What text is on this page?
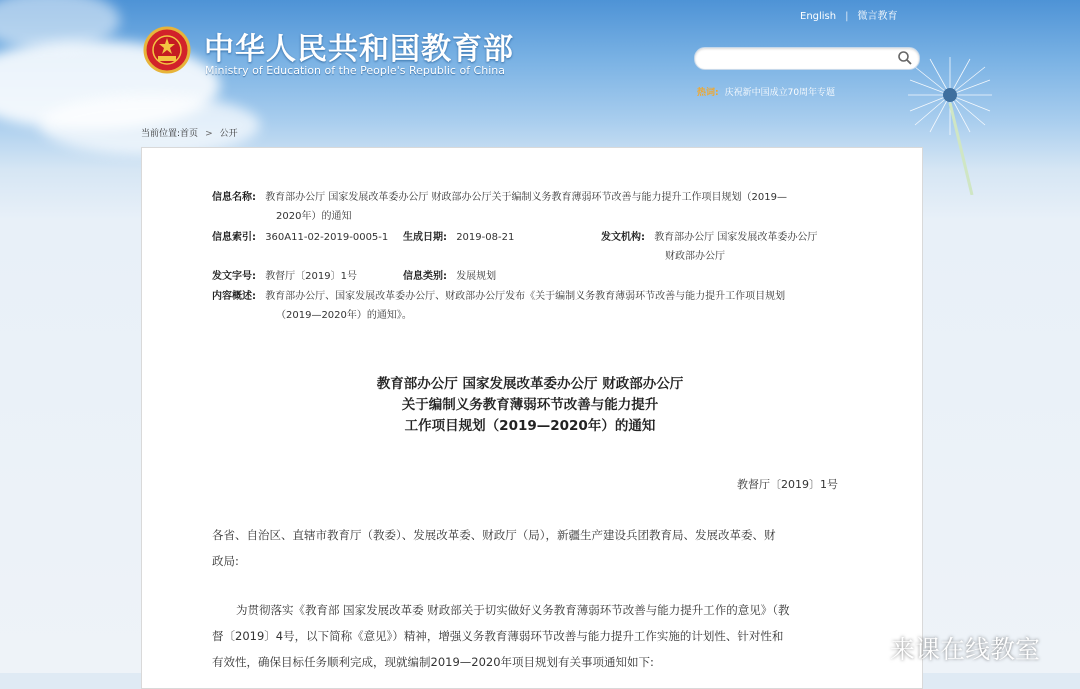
中华人民共和国教育部
Ministry of Education of the People's Republic of China
English | 微言教育
热词: 庆祝新中国成立70周年专题
当前位置:首页 > 公开
信息名称: 教育部办公厅 国家发展改革委办公厅 财政部办公厅关于编制义务教育薄弱环节改善与能力提升工作项目规划（2019—
2020年）的通知
信息索引: 360A11-02-2019-0005-1 生成日期: 2019-08-21	发文机构: 教育部办公厅 国家发展改革委办公厅
财政部办公厅
发文字号: 教督厅〔2019〕1号	信息类别: 发展规划
内容概述: 教育部办公厅、国家发展改革委办公厅、财政部办公厅发布《关于编制义务教育薄弱环节改善与能力提升工作项目规划
（2019—2020年）的通知》。
教育部办公厅 国家发展改革委办公厅 财政部办公厅
关于编制义务教育薄弱环节改善与能力提升
工作项目规划（2019—2020年）的通知
教督厅〔2019〕1号
各省、自治区、直辖市教育厅（教委）、发展改革委、财政厅（局），新疆生产建设兵团教育局、发展改革委、财
政局:
为贯彻落实《教育部 国家发展改革委 财政部关于切实做好义务教育薄弱环节改善与能力提升工作的意见》（教
督〔2019〕4号，以下简称《意见》）精神，增强义务教育薄弱环节改善与能力提升工作实施的计划性、针对性和
有效性，确保目标任务顺利完成，现就编制2019—2020年项目规划有关事项通知如下:	来课在线教室
